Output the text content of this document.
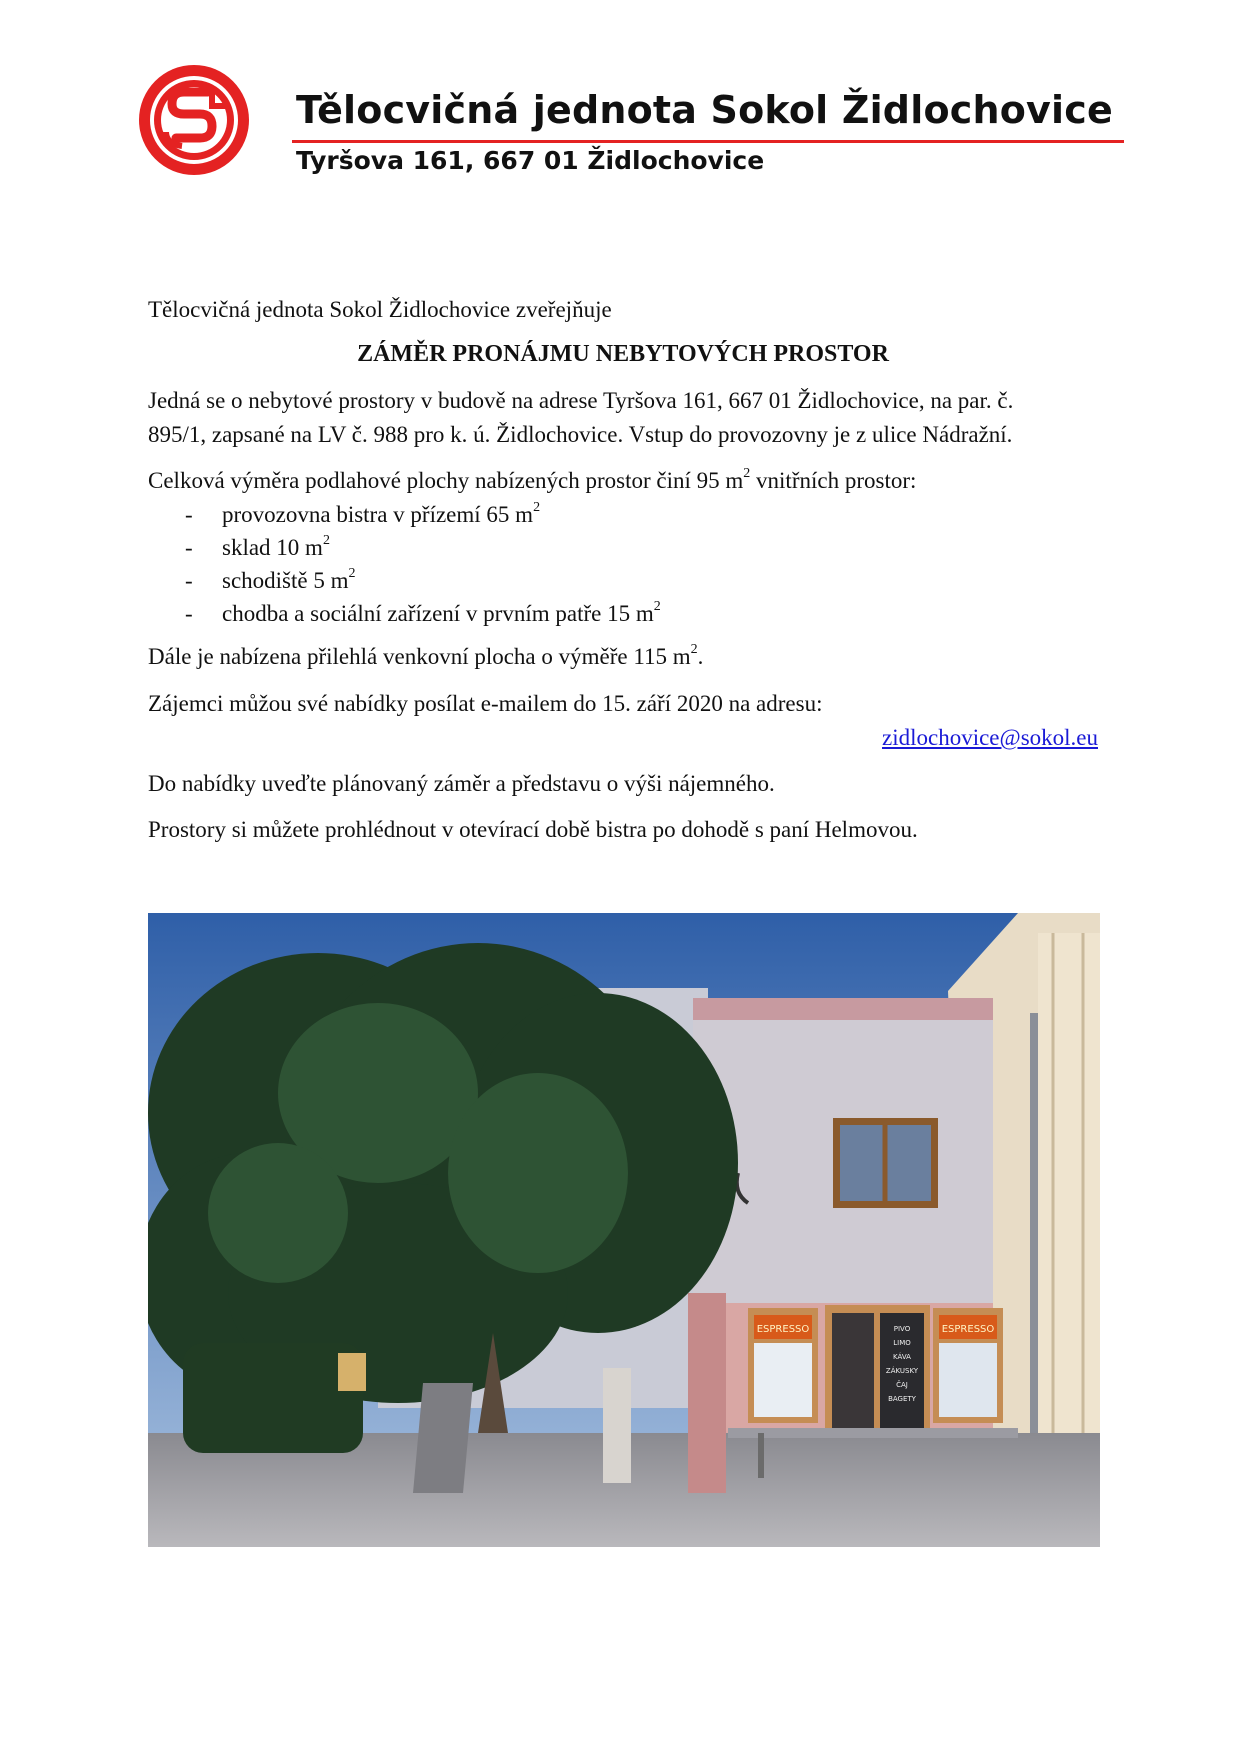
Tělocvičná jednota Sokol Židlochovice
Tyršova 161, 667 01 Židlochovice
Tělocvičná jednota Sokol Židlochovice zveřejňuje
ZÁMĚR PRONÁJMU NEBYTOVÝCH PROSTOR
Jedná se o nebytové prostory v budově na adrese Tyršova 161, 667 01 Židlochovice, na par. č.
895/1, zapsané na LV č. 988 pro k. ú. Židlochovice. Vstup do provozovny je z ulice Nádražní.
Celková výměra podlahové plochy nabízených prostor činí 95 $m^2$ vnitřních prostor:
- provozovna bistra v přízemí 65 $m^2$
- sklad 10 $m^2$
- schodiště 5 $m^2$
- chodba a sociální zařízení v prvním patře 15 $m^2$
Dále je nabízena přilehlá venkovní plocha o výměře 115 $m^2$.
Zájemci můžou své nabídky posílat e-mailem do 15. září 2020 na adresu:
zidlochovice@sokol.eu
Do nabídky uveďte plánovaný záměr a představu o výši nájemného.
Prostory si můžete prohlédnout v otevírací době bistra po dohodě s paní Helmovou.
ESPRESSO	PIVO
LIMO
KÁVA
ZÁKUSKY
ČAJ
BAGETY
ESPRESSO
